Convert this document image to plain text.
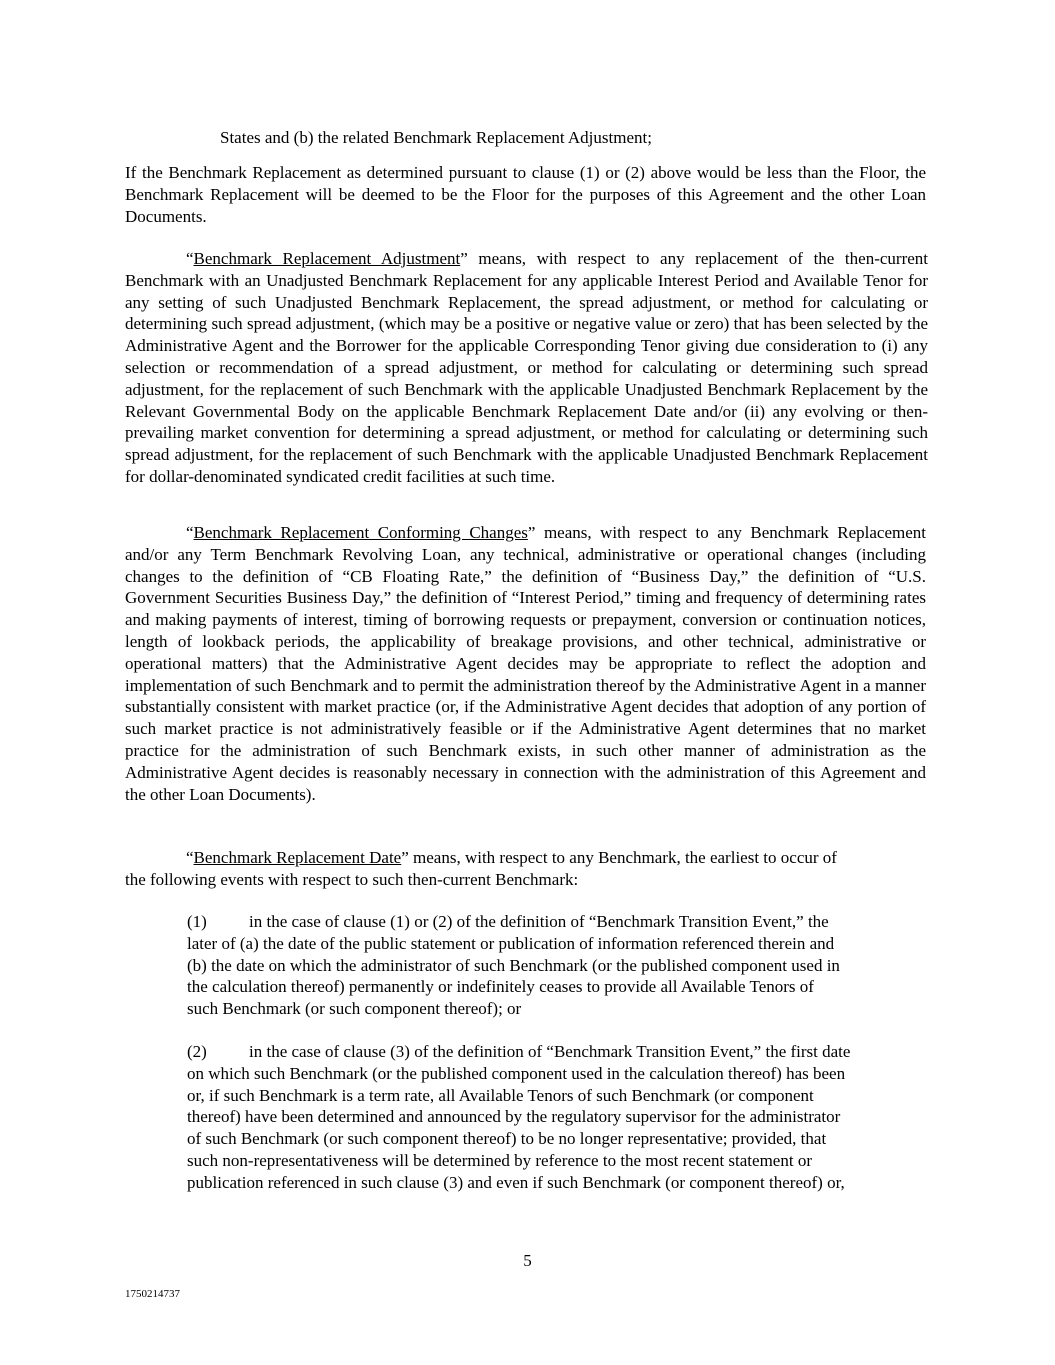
States and (b) the related Benchmark Replacement Adjustment;

If the Benchmark Replacement as determined pursuant to clause (1) or (2) above would be less than the Floor, the Benchmark Replacement will be deemed to be the Floor for the purposes of this Agreement and the other Loan Documents.

“Benchmark Replacement Adjustment” means, with respect to any replacement of the then-current Benchmark with an Unadjusted Benchmark Replacement for any applicable Interest Period and Available Tenor for any setting of such Unadjusted Benchmark Replacement, the spread adjustment, or method for calculating or determining such spread adjustment, (which may be a positive or negative value or zero) that has been selected by the Administrative Agent and the Borrower for the applicable Corresponding Tenor giving due consideration to (i) any selection or recommendation of a spread adjustment, or method for calculating or determining such spread adjustment, for the replacement of such Benchmark with the applicable Unadjusted Benchmark Replacement by the Relevant Governmental Body on the applicable Benchmark Replacement Date and/or (ii) any evolving or then-prevailing market convention for determining a spread adjustment, or method for calculating or determining such spread adjustment, for the replacement of such Benchmark with the applicable Unadjusted Benchmark Replacement for dollar-denominated syndicated credit facilities at such time.

“Benchmark Replacement Conforming Changes” means, with respect to any Benchmark Replacement and/or any Term Benchmark Revolving Loan, any technical, administrative or operational changes (including changes to the definition of “CB Floating Rate,” the definition of “Business Day,” the definition of “U.S. Government Securities Business Day,” the definition of “Interest Period,” timing and frequency of determining rates and making payments of interest, timing of borrowing requests or prepayment, conversion or continuation notices, length of lookback periods, the applicability of breakage provisions, and other technical, administrative or operational matters) that the Administrative Agent decides may be appropriate to reflect the adoption and implementation of such Benchmark and to permit the administration thereof by the Administrative Agent in a manner substantially consistent with market practice (or, if the Administrative Agent decides that adoption of any portion of such market practice is not administratively feasible or if the Administrative Agent determines that no market practice for the administration of such Benchmark exists, in such other manner of administration as the Administrative Agent decides is reasonably necessary in connection with the administration of this Agreement and the other Loan Documents).

“Benchmark Replacement Date” means, with respect to any Benchmark, the earliest to occur of
the following events with respect to such then-current Benchmark:
(1) in the case of clause (1) or (2) of the definition of “Benchmark Transition Event,” the
later of (a) the date of the public statement or publication of information referenced therein and
(b) the date on which the administrator of such Benchmark (or the published component used in
the calculation thereof) permanently or indefinitely ceases to provide all Available Tenors of
such Benchmark (or such component thereof); or
(2) in the case of clause (3) of the definition of “Benchmark Transition Event,” the first date
on which such Benchmark (or the published component used in the calculation thereof) has been
or, if such Benchmark is a term rate, all Available Tenors of such Benchmark (or component
thereof) have been determined and announced by the regulatory supervisor for the administrator
of such Benchmark (or such component thereof) to be no longer representative; provided, that
such non-representativeness will be determined by reference to the most recent statement or
publication referenced in such clause (3) and even if such Benchmark (or component thereof) or,
5
1750214737
